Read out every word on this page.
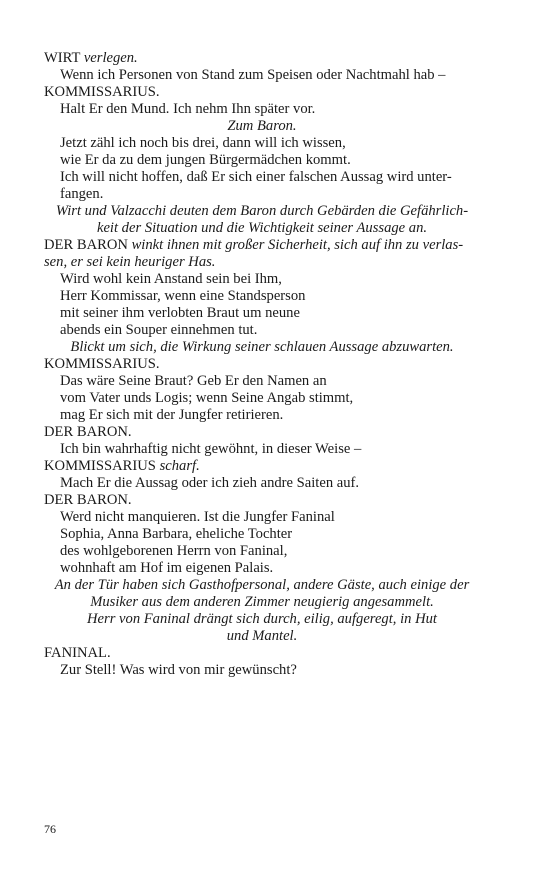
WIRT verlegen.
Wenn ich Personen von Stand zum Speisen oder Nachtmahl hab –
KOMMISSARIUS.
Halt Er den Mund. Ich nehm Ihn später vor.
Zum Baron.
Jetzt zähl ich noch bis drei, dann will ich wissen,
wie Er da zu dem jungen Bürgermädchen kommt.
Ich will nicht hoffen, daß Er sich einer falschen Aussag wird unter-
fangen.
Wirt und Valzacchi deuten dem Baron durch Gebärden die Gefährlich-
keit der Situation und die Wichtigkeit seiner Aussage an.
DER BARON winkt ihnen mit großer Sicherheit, sich auf ihn zu verlas-
sen, er sei kein heuriger Has.
Wird wohl kein Anstand sein bei Ihm,
Herr Kommissar, wenn eine Standsperson
mit seiner ihm verlobten Braut um neune
abends ein Souper einnehmen tut.
Blickt um sich, die Wirkung seiner schlauen Aussage abzuwarten.
KOMMISSARIUS.
Das wäre Seine Braut? Geb Er den Namen an
vom Vater unds Logis; wenn Seine Angab stimmt,
mag Er sich mit der Jungfer retirieren.
DER BARON.
Ich bin wahrhaftig nicht gewöhnt, in dieser Weise –
KOMMISSARIUS scharf.
Mach Er die Aussag oder ich zieh andre Saiten auf.
DER BARON.
Werd nicht manquieren. Ist die Jungfer Faninal
Sophia, Anna Barbara, eheliche Tochter
des wohlgeborenen Herrn von Faninal,
wohnhaft am Hof im eigenen Palais.
An der Tür haben sich Gasthofpersonal, andere Gäste, auch einige der
Musiker aus dem anderen Zimmer neugierig angesammelt.
Herr von Faninal drängt sich durch, eilig, aufgeregt, in Hut
und Mantel.
FANINAL.
Zur Stell! Was wird von mir gewünscht?
76
